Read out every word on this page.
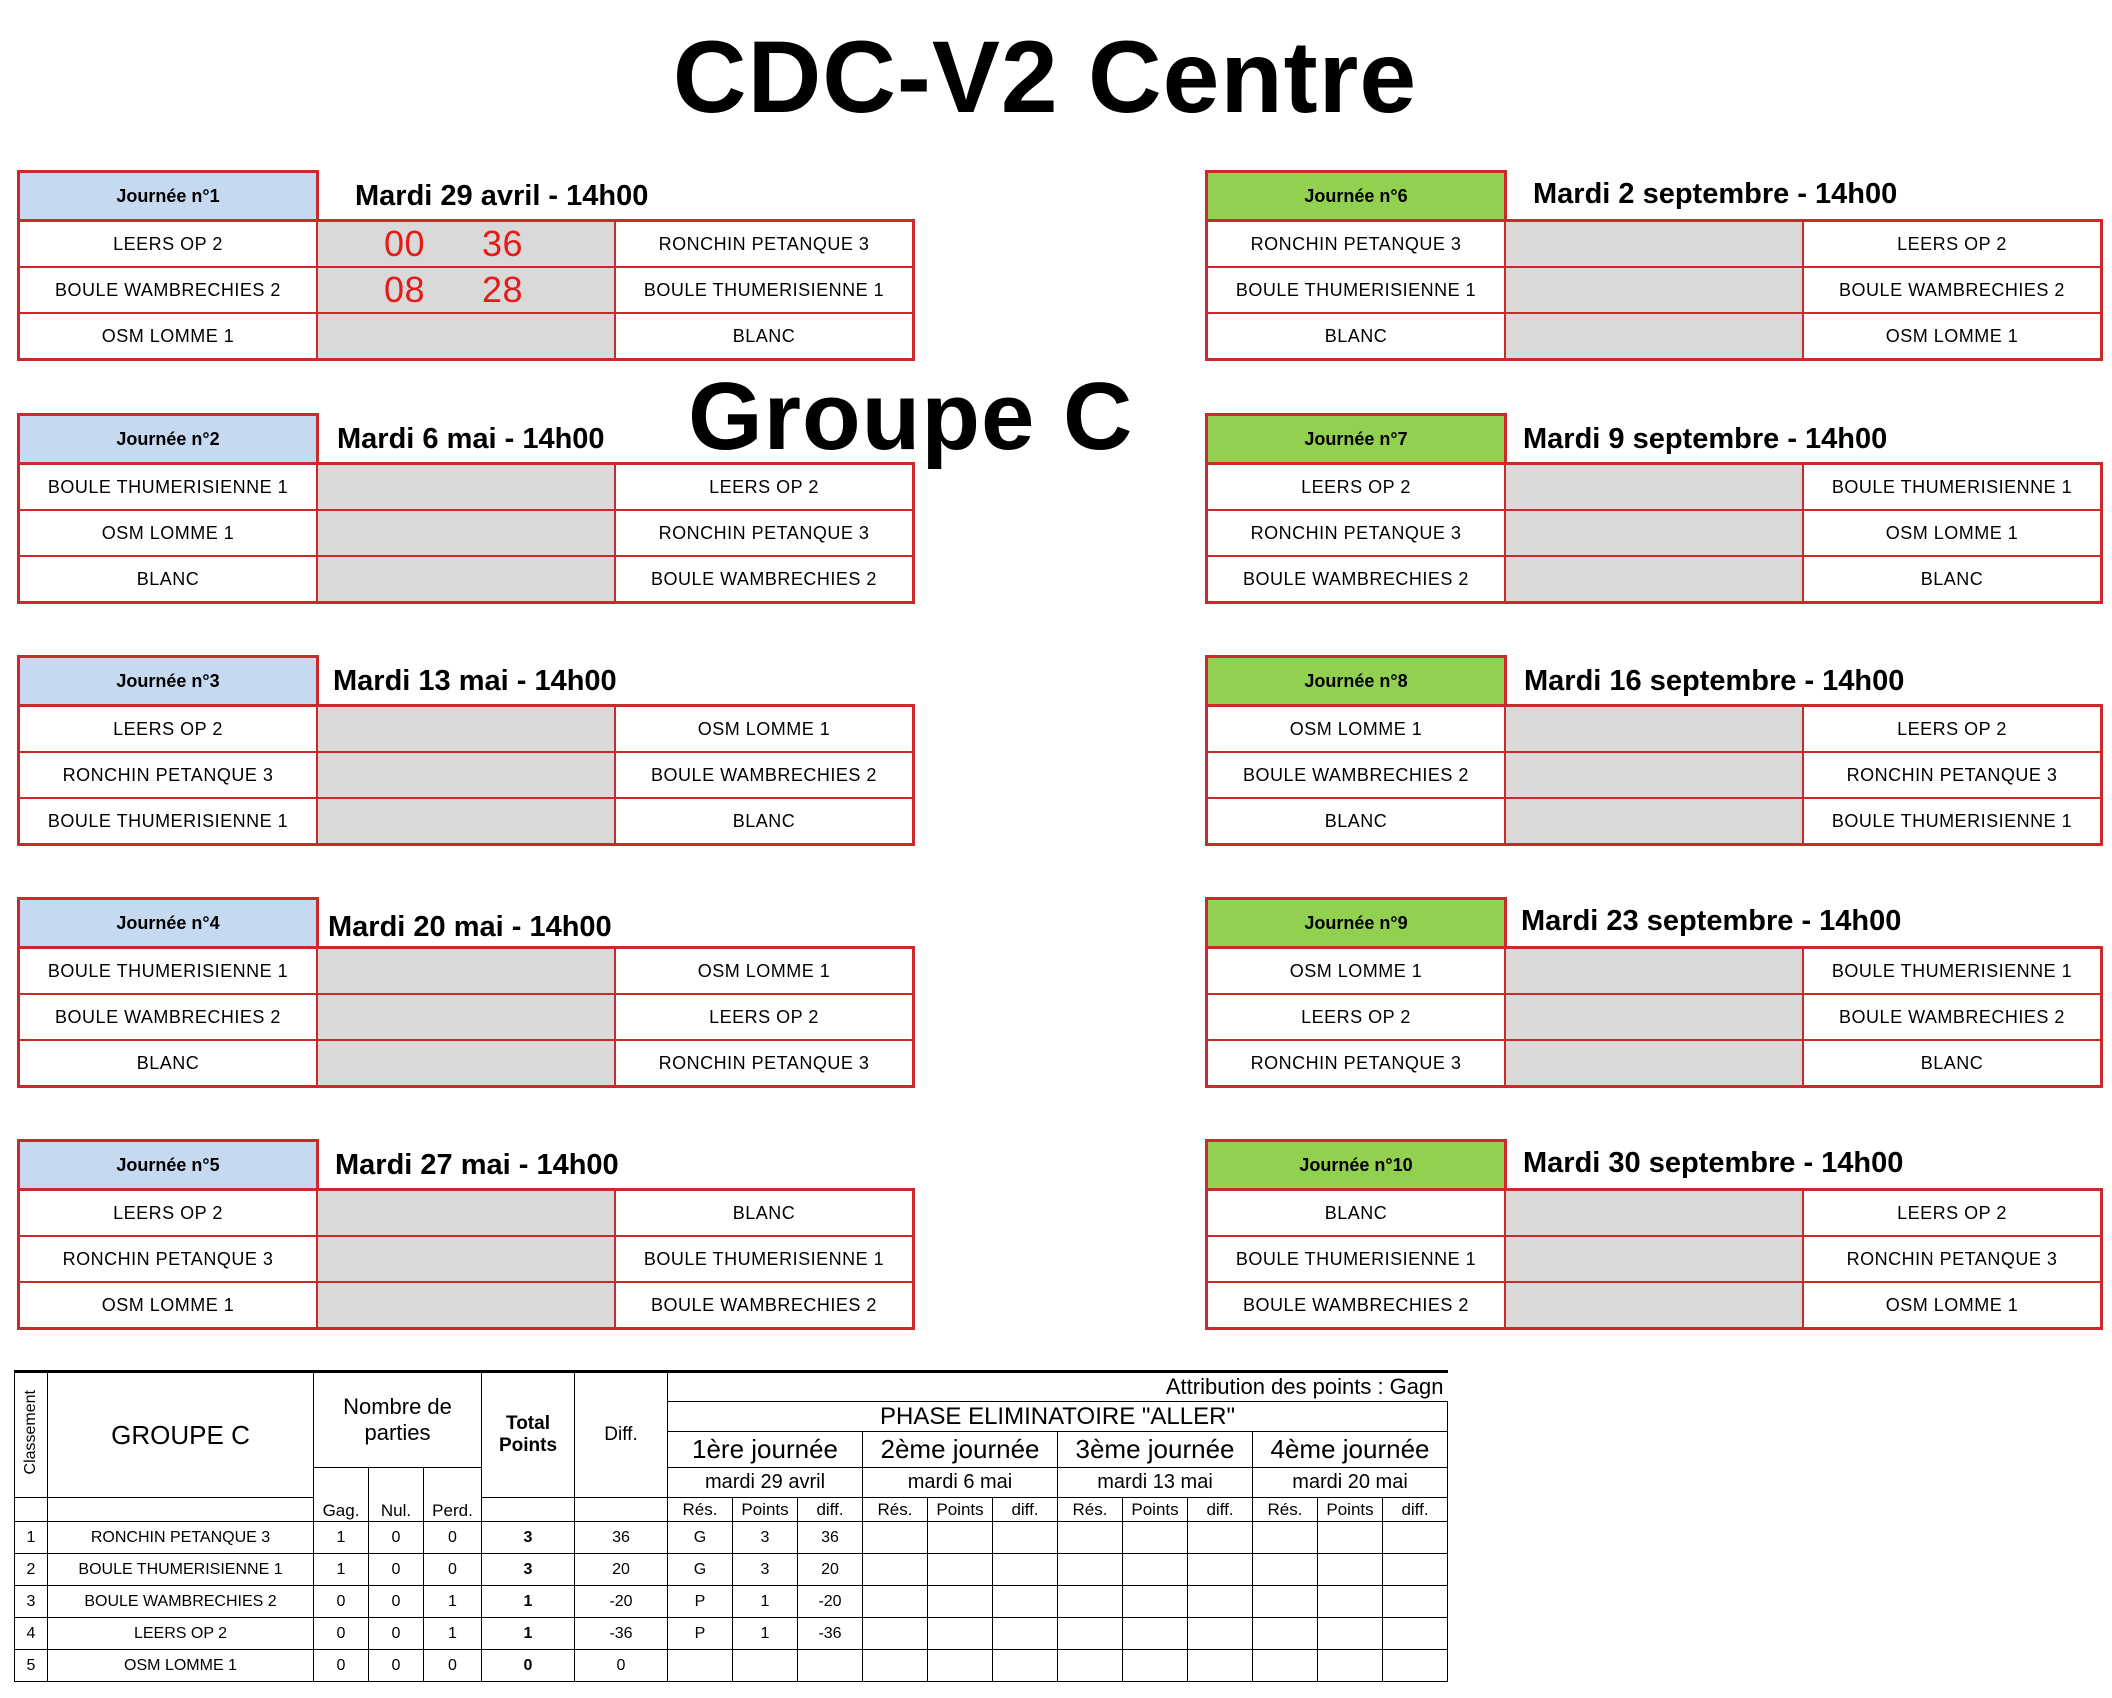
CDC-V2 Centre
Groupe C
Journée n°1	Mardi 29 avril - 14h00
LEERS OP 2	00 36	RONCHIN PETANQUE 3
BOULE WAMBRECHIES 2	08 28	BOULE THUMERISIENNE 1
OSM LOMME 1		BLANC
Journée n°2	Mardi 6 mai - 14h00
BOULE THUMERISIENNE 1		LEERS OP 2
OSM LOMME 1		RONCHIN PETANQUE 3
BLANC		BOULE WAMBRECHIES 2
Journée n°3	Mardi 13 mai - 14h00
LEERS OP 2		OSM LOMME 1
RONCHIN PETANQUE 3		BOULE WAMBRECHIES 2
BOULE THUMERISIENNE 1		BLANC
Journée n°4	Mardi 20 mai - 14h00
BOULE THUMERISIENNE 1		OSM LOMME 1
BOULE WAMBRECHIES 2		LEERS OP 2
BLANC		RONCHIN PETANQUE 3
Journée n°5	Mardi 27 mai - 14h00
LEERS OP 2		BLANC
RONCHIN PETANQUE 3		BOULE THUMERISIENNE 1
OSM LOMME 1		BOULE WAMBRECHIES 2
Journée n°6	Mardi 2 septembre - 14h00
RONCHIN PETANQUE 3		LEERS OP 2
BOULE THUMERISIENNE 1		BOULE WAMBRECHIES 2
BLANC		OSM LOMME 1
Journée n°7	Mardi 9 septembre - 14h00
LEERS OP 2		BOULE THUMERISIENNE 1
RONCHIN PETANQUE 3		OSM LOMME 1
BOULE WAMBRECHIES 2		BLANC
Journée n°8	Mardi 16 septembre - 14h00
OSM LOMME 1		LEERS OP 2
BOULE WAMBRECHIES 2		RONCHIN PETANQUE 3
BLANC		BOULE THUMERISIENNE 1
Journée n°9	Mardi 23 septembre - 14h00
OSM LOMME 1		BOULE THUMERISIENNE 1
LEERS OP 2		BOULE WAMBRECHIES 2
RONCHIN PETANQUE 3		BLANC
Journée n°10	Mardi 30 septembre - 14h00
BLANC		LEERS OP 2
BOULE THUMERISIENNE 1		RONCHIN PETANQUE 3
BOULE WAMBRECHIES 2		OSM LOMME 1
Classement	GROUPE C	Nombre de parties			Total Points	Diff.	Attribution des points : Gagn											
							PHASE ELIMINATOIRE "ALLER"											
							1ère journée			2ème journée			3ème journée			4ème journée		
		Gag.	Nul.	Perd.			mardi 29 avril			mardi 6 mai			mardi 13 mai			mardi 20 mai		
							Rés.	Points	diff.	Rés.	Points	diff.	Rés.	Points	diff.	Rés.	Points	diff.
1	RONCHIN PETANQUE 3	1	0	0	3	36	G	3	36									
2	BOULE THUMERISIENNE 1	1	0	0	3	20	G	3	20									
3	BOULE WAMBRECHIES 2	0	0	1	1	-20	P	1	-20									
4	LEERS OP 2	0	0	1	1	-36	P	1	-36									
5	OSM LOMME 1	0	0	0	0	0												
